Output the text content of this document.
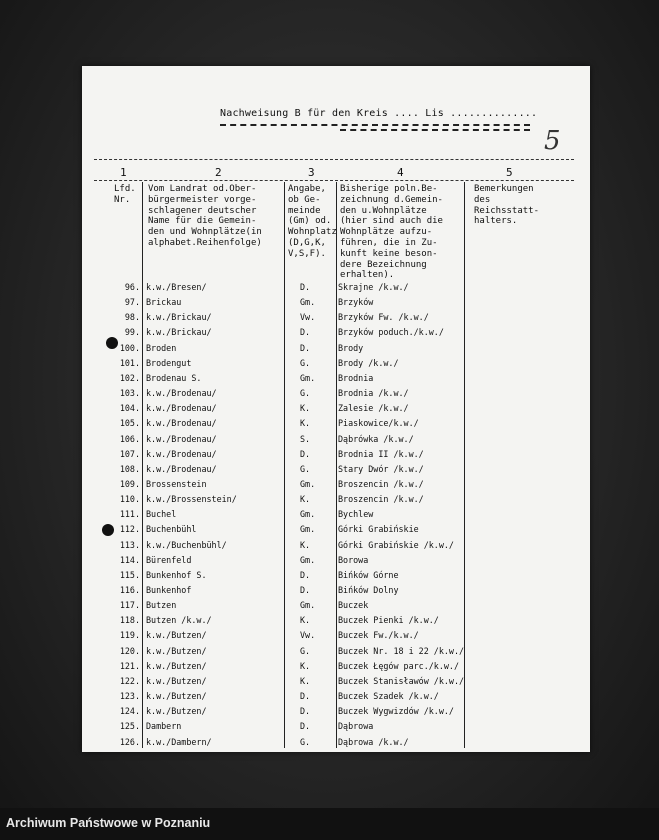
Nachweisung B für den Kreis .... Lis ..............
5
1	2	3	4	5
Lfd.
Nr.
Vom Landrat od.Ober-
bürgermeister vorge-
schlagener deutscher
Name für die Gemein-
den und Wohnplätze(in
alphabet.Reihenfolge)
Angabe,
ob Ge-
meinde
(Gm) od.
Wohnplatz
(D,G,K,
V,S,F).
Bisherige poln.Be-
zeichnung d.Gemein-
den u.Wohnplätze
(hier sind auch die
Wohnplätze aufzu-
führen, die in Zu-
kunft keine beson-
dere Bezeichnung
erhalten).
Bemerkungen
des
Reichsstatt-
halters.
96. k.w./Bresen/	D.	Skrajne /k.w./
97. Brickau	Gm.	Brzyków
98. k.w./Brickau/	Vw.	Brzyków Fw. /k.w./
99. k.w./Brickau/	D.	Brzyków poduch./k.w./
100. Broden	D.	Brody
101. Brodengut	G.	Brody /k.w./
102. Brodenau S.	Gm.	Brodnia
103. k.w./Brodenau/	G.	Brodnia /k.w./
104. k.w./Brodenau/	K.	Zalesie /k.w./
105. k.w./Brodenau/	K.	Piaskowice/k.w./
106. k.w./Brodenau/	S.	Dąbrówka /k.w./
107. k.w./Brodenau/	D.	Brodnia II /k.w./
108. k.w./Brodenau/	G.	Stary Dwór /k.w./
109. Brossenstein	Gm.	Broszencin /k.w./
110. k.w./Brossenstein/	K.	Broszencin /k.w./
111. Buchel	Gm.	Bychlew
112. Buchenbühl	Gm.	Górki Grabińskie
113. k.w./Buchenbühl/	K.	Górki Grabińskie /k.w./
114. Bürenfeld	Gm.	Borowa
115. Bunkenhof S.	D.	Bińków Górne
116. Bunkenhof	D.	Bińków Dolny
117. Butzen	Gm.	Buczek
118. Butzen /k.w./	K.	Buczek Pienki /k.w./
119. k.w./Butzen/	Vw.	Buczek Fw./k.w./
120. k.w./Butzen/	G.	Buczek Nr. 18 i 22 /k.w./
121. k.w./Butzen/	K.	Buczek Łęgów parc./k.w./
122. k.w./Butzen/	K.	Buczek Stanisławów /k.w./
123. k.w./Butzen/	D.	Buczek Szadek /k.w./
124. k.w./Butzen/	D.	Buczek Wygwizdów /k.w./
125. Dambern	D.	Dąbrowa
126. k.w./Dambern/	G.	Dąbrowa /k.w./
Archiwum Państwowe w Poznaniu
